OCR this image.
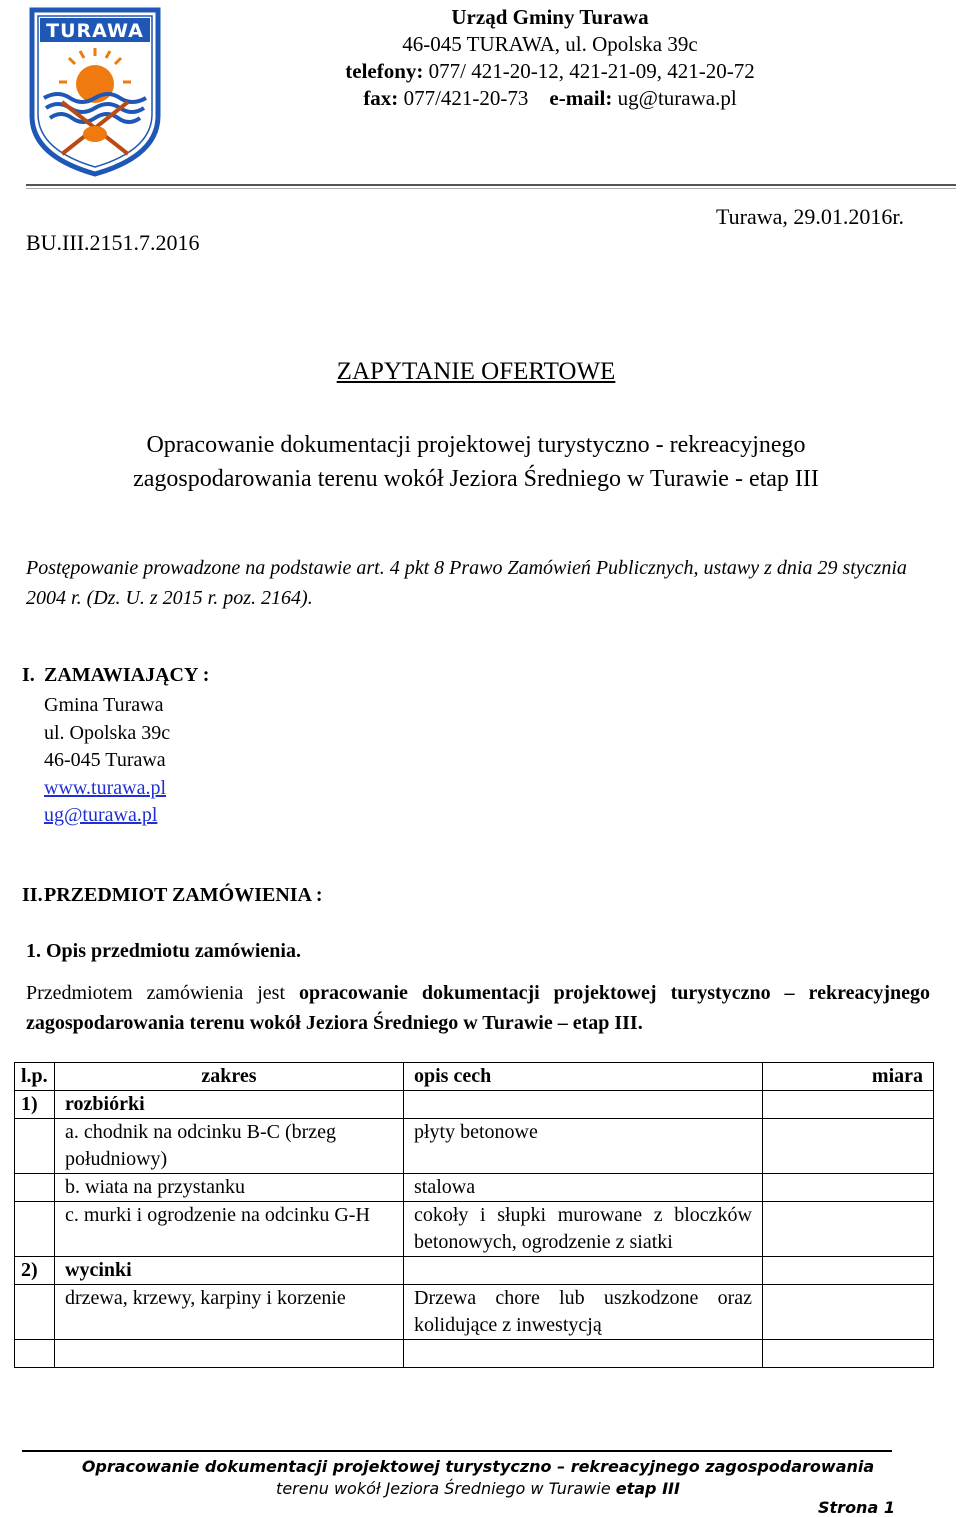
TURAWA
Urząd Gminy Turawa
46-045 TURAWA, ul. Opolska 39c
telefony: 077/ 421-20-12, 421-21-09, 421-20-72
fax: 077/421-20-73 e-mail: ug@turawa.pl
Turawa, 29.01.2016r.
BU.III.2151.7.2016
ZAPYTANIE OFERTOWE
Opracowanie dokumentacji projektowej turystyczno - rekreacyjnego
zagospodarowania terenu wokół Jeziora Średniego w Turawie - etap III
Postępowanie prowadzone na podstawie art. 4 pkt 8 Prawo Zamówień Publicznych, ustawy z dnia 29 stycznia 2004 r. (Dz. U. z 2015 r. poz. 2164).
I. ZAMAWIAJĄCY :
Gmina Turawa
ul. Opolska 39c
46-045 Turawa
www.turawa.pl
ug@turawa.pl
II.PRZEDMIOT ZAMÓWIENIA :
1. Opis przedmiotu zamówienia.
Przedmiotem zamówienia jest opracowanie dokumentacji projektowej turystyczno – rekreacyjnego zagospodarowania terenu wokół Jeziora Średniego w Turawie – etap III.
l.p.	zakres	opis cech	miara
1)	rozbiórki		
	a. chodnik na odcinku B-C (brzeg południowy)	płyty betonowe	
	b. wiata na przystanku	stalowa	
	c. murki i ogrodzenie na odcinku G-H	cokoły i słupki murowane z bloczków betonowych, ogrodzenie z siatki	
2)	wycinki		
	drzewa, krzewy, karpiny i korzenie	Drzewa chore lub uszkodzone oraz kolidujące z inwestycją	

Opracowanie dokumentacji projektowej turystyczno – rekreacyjnego zagospodarowania
terenu wokół Jeziora Średniego w Turawie etap III
Strona 1
